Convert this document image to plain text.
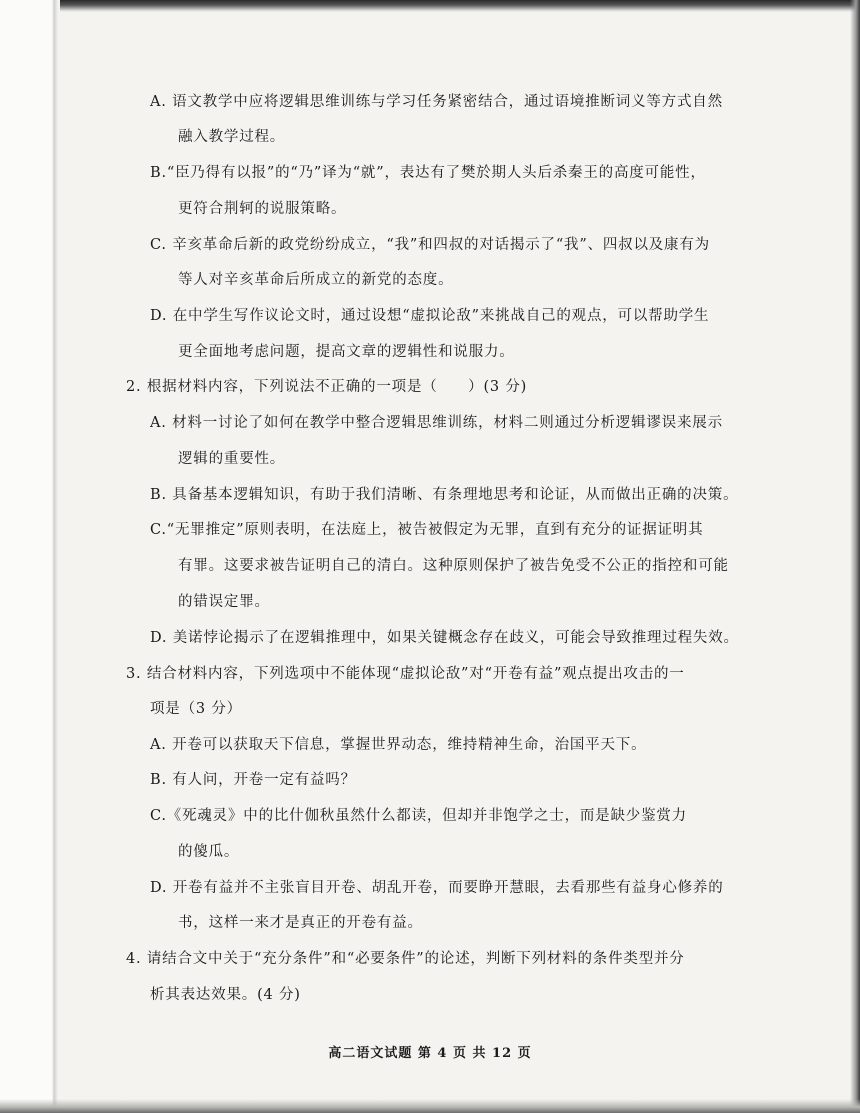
A. 语文教学中应将逻辑思维训练与学习任务紧密结合，通过语境推断词义等方式自然
融入教学过程。
B.“臣乃得有以报”的“乃”译为“就”，表达有了樊於期人头后杀秦王的高度可能性，
更符合荆轲的说服策略。
C. 辛亥革命后新的政党纷纷成立，“我”和四叔的对话揭示了“我”、四叔以及康有为
等人对辛亥革命后所成立的新党的态度。
D. 在中学生写作议论文时，通过设想“虚拟论敌”来挑战自己的观点，可以帮助学生
更全面地考虑问题，提高文章的逻辑性和说服力。
2. 根据材料内容，下列说法不正确的一项是（　　）(3 分)
A. 材料一讨论了如何在教学中整合逻辑思维训练，材料二则通过分析逻辑谬误来展示
逻辑的重要性。
B. 具备基本逻辑知识，有助于我们清晰、有条理地思考和论证，从而做出正确的决策。
C.“无罪推定”原则表明，在法庭上，被告被假定为无罪，直到有充分的证据证明其
有罪。这要求被告证明自己的清白。这种原则保护了被告免受不公正的指控和可能
的错误定罪。
D. 美诺悖论揭示了在逻辑推理中，如果关键概念存在歧义，可能会导致推理过程失效。
3. 结合材料内容，下列选项中不能体现“虚拟论敌”对“开卷有益”观点提出攻击的一
项是（3 分）
A. 开卷可以获取天下信息，掌握世界动态，维持精神生命，治国平天下。
B. 有人问，开卷一定有益吗？
C.《死魂灵》中的比什伽秋虽然什么都读，但却并非饱学之士，而是缺少鉴赏力
的傻瓜。
D. 开卷有益并不主张盲目开卷、胡乱开卷，而要睁开慧眼，去看那些有益身心修养的
书，这样一来才是真正的开卷有益。
4. 请结合文中关于“充分条件”和“必要条件”的论述，判断下列材料的条件类型并分
析其表达效果。(4 分)
高二语文试题 第 4 页 共 12 页
